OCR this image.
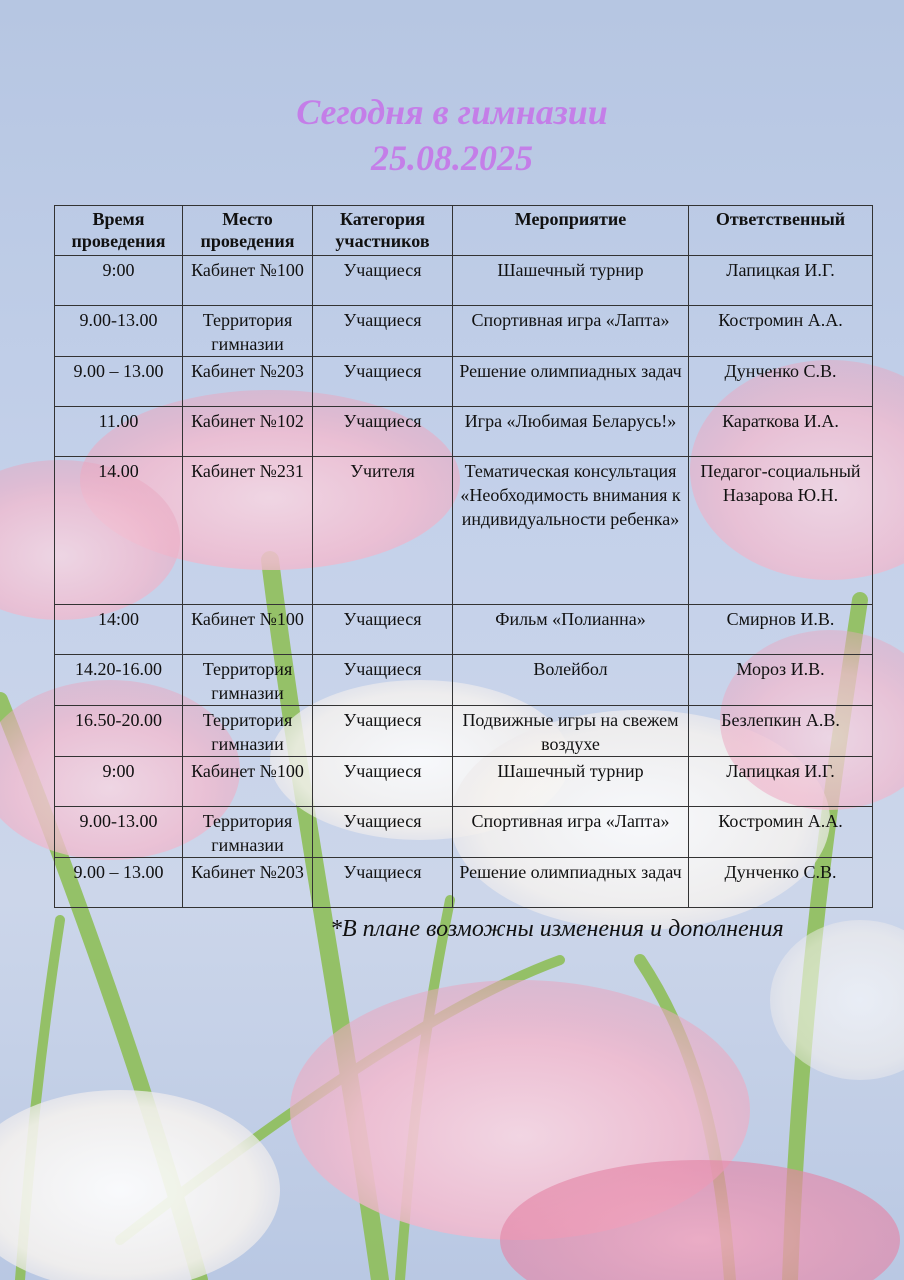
Сегодня в гимназии
25.08.2025
Время проведения	Место проведения	Категория участников	Мероприятие	Ответственный
9:00	Кабинет №100	Учащиеся	Шашечный турнир	Лапицкая И.Г.
9.00-13.00	Территория гимназии	Учащиеся	Спортивная игра «Лапта»	Костромин А.А.
9.00 – 13.00	Кабинет №203	Учащиеся	Решение олимпиадных задач	Дунченко С.В.
11.00	Кабинет №102	Учащиеся	Игра «Любимая Беларусь!»	Караткова И.А.
14.00	Кабинет №231	Учителя	Тематическая консультация «Необходимость внимания к индивидуальности ребенка»	Педагог-социальный Назарова Ю.Н.
14:00	Кабинет №100	Учащиеся	Фильм «Полианна»	Смирнов И.В.
14.20-16.00	Территория гимназии	Учащиеся	Волейбол	Мороз И.В.
16.50-20.00	Территория гимназии	Учащиеся	Подвижные игры на свежем воздухе	Безлепкин А.В.
9:00	Кабинет №100	Учащиеся	Шашечный турнир	Лапицкая И.Г.
9.00-13.00	Территория гимназии	Учащиеся	Спортивная игра «Лапта»	Костромин А.А.
9.00 – 13.00	Кабинет №203	Учащиеся	Решение олимпиадных задач	Дунченко С.В.
*В плане возможны изменения и дополнения
